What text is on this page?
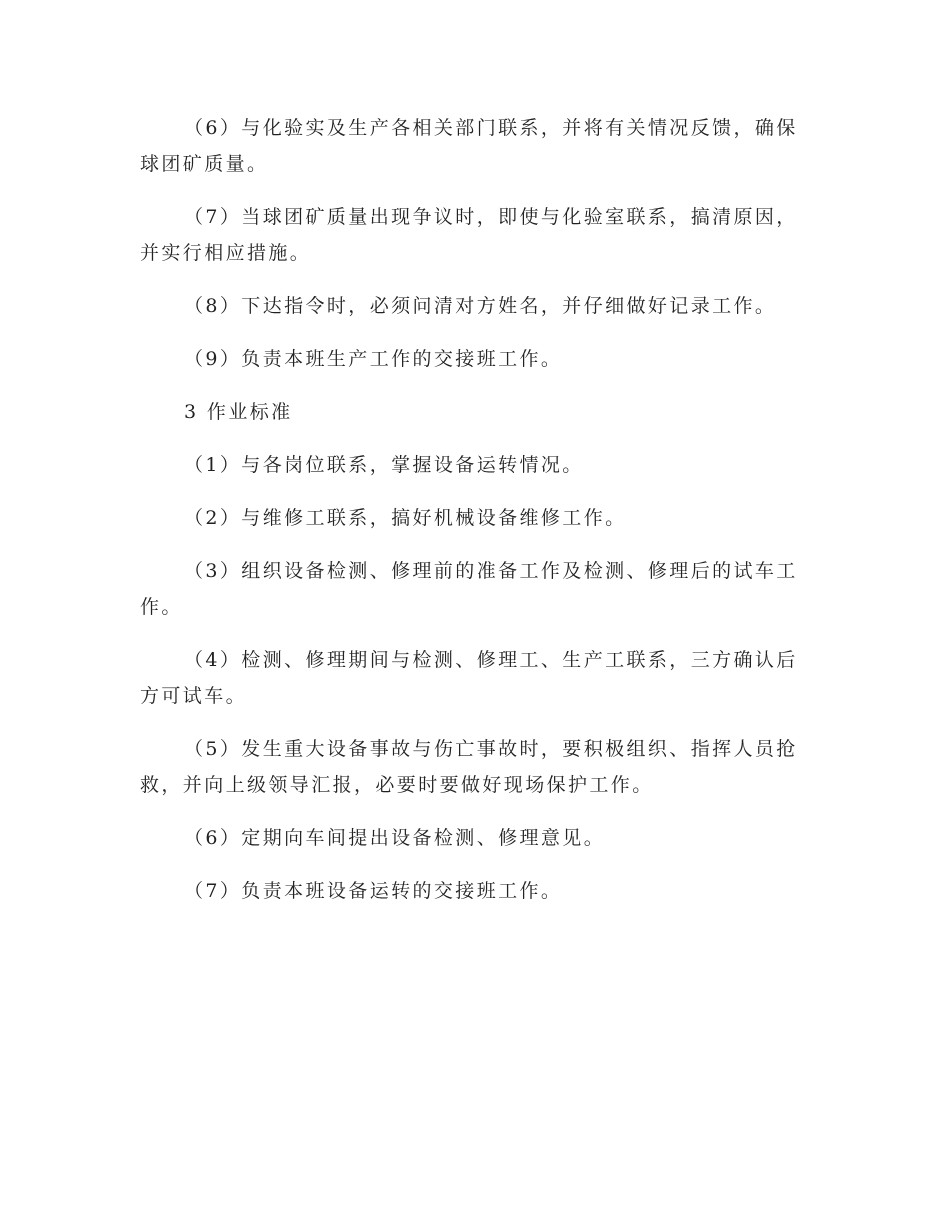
（6）与化验实及生产各相关部门联系，并将有关情况反馈，确保
球团矿质量。
（7）当球团矿质量出现争议时，即使与化验室联系，搞清原因，
并实行相应措施。
（8）下达指令时，必须问清对方姓名，并仔细做好记录工作。
（9）负责本班生产工作的交接班工作。
3 作业标准
（1）与各岗位联系，掌握设备运转情况。
（2）与维修工联系，搞好机械设备维修工作。
（3）组织设备检测、修理前的准备工作及检测、修理后的试车工
作。
（4）检测、修理期间与检测、修理工、生产工联系，三方确认后
方可试车。
（5）发生重大设备事故与伤亡事故时，要积极组织、指挥人员抢
救，并向上级领导汇报，必要时要做好现场保护工作。
（6）定期向车间提出设备检测、修理意见。
（7）负责本班设备运转的交接班工作。
